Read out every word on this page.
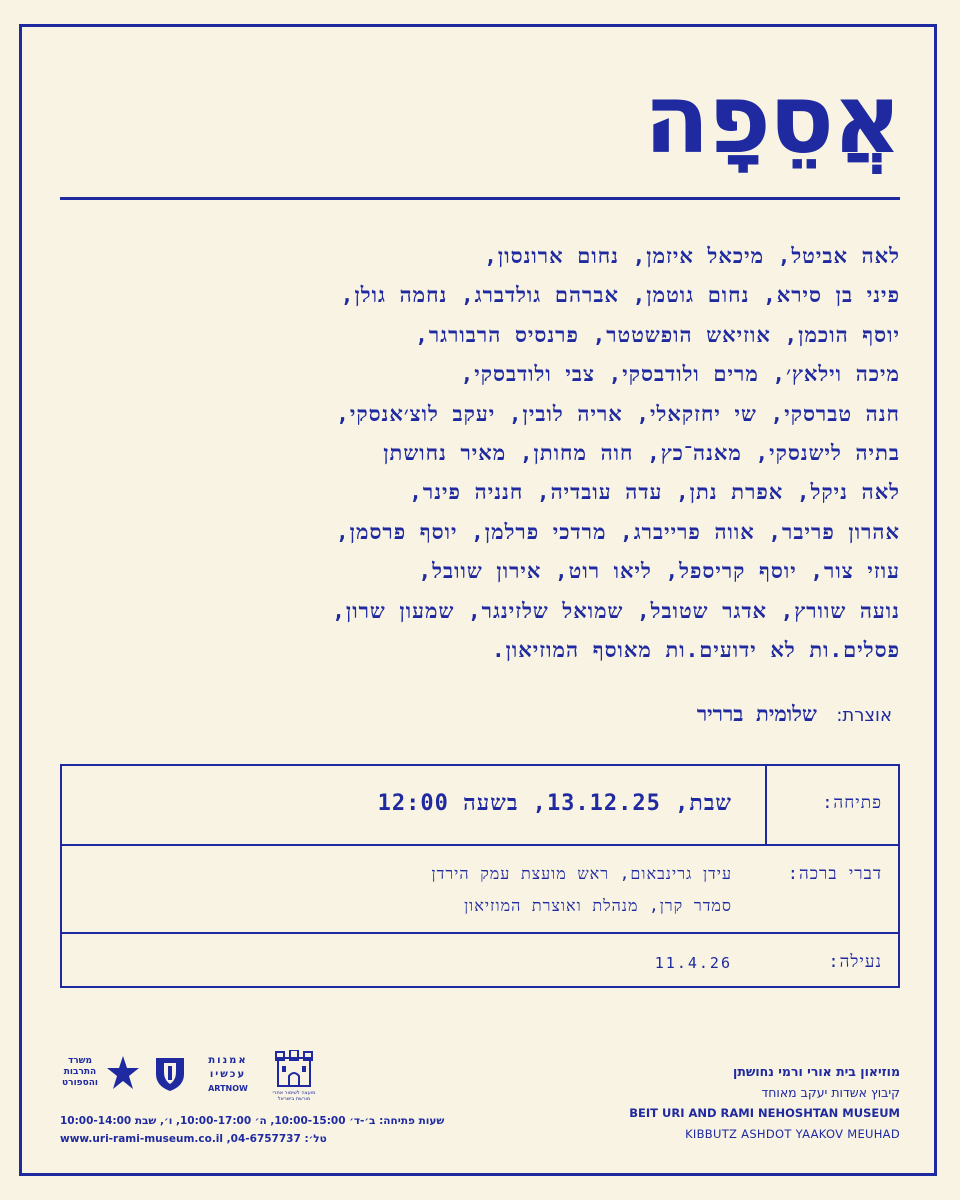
אֲסֵפָה
לאה אביטל, מיכאל איזמן, נחום ארונסון,
פיני בן סירא, נחום גוטמן, אברהם גולדברג, נחמה גולן,
יוסף הוכמן, אוזיאש הופשטטר, פרנסיס הרבורגר,
מיכה וילאץ׳, מרים ולודבסקי, צבי ולודבסקי,
חנה טברסקי, שי יחזקאלי, אריה לובין, יעקב לוצ׳אנסקי,
בתיה לישנסקי, מאנה־כץ, חוה מחותן, מאיר נחושתן
לאה ניקל, אפרת נתן, עדה עובדיה, חנניה פינר,
אהרון פריבר, אווה פרייברג, מרדכי פרלמן, יוסף פרסמן,
עוזי צור, יוסף קריספל, ליאו רוט, אירון שוובל,
נועה שוורץ, אדגר שטובל, שמואל שלזינגר, שמעון שרון,
פסלים.ות לא ידועים.ות מאוסף המוזיאון.
אוצרת: שלומית ברריר
פתיחה:
שבת, 13.12.25, בשעה 12:00
דברי ברכה:
עידן גרינבאום, ראש מועצת עמק הירדן
סמדר קרן, מנהלת ואוצרת המוזיאון
נעילה:
11.4.26
משרד התרבות והספורט
אמנות עכשיו
ARTNOW	מועצה לשימור אתרי מורשת בישראל
שעות פתיחה: ב׳-ד׳ 10:00-15:00, ה׳ 10:00-17:00, ו׳, שבת 10:00-14:00
טל׳: 04-6757737, www.uri-rami-museum.co.il
מוזיאון בית אורי ורמי נחושתן
קיבוץ אשדות יעקב מאוחד
BEIT URI AND RAMI NEHOSHTAN MUSEUM
KIBBUTZ ASHDOT YAAKOV MEUHAD
